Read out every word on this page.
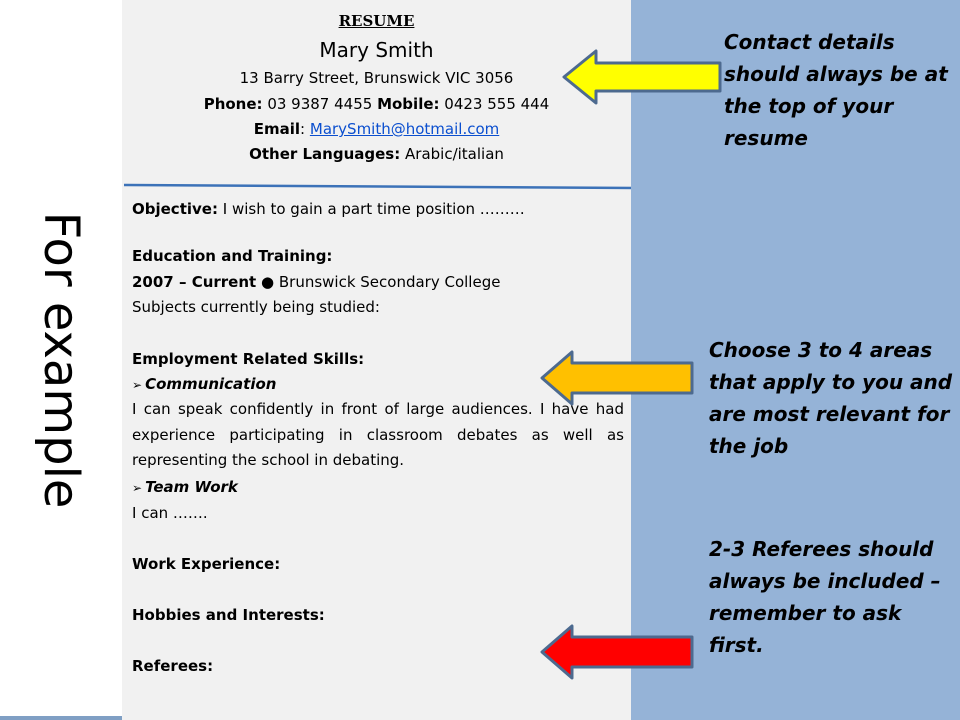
For example
RESUME
Mary Smith
13 Barry Street, Brunswick VIC 3056
Phone: 03 9387 4455 Mobile: 0423 555 444
Email: MarySmith@hotmail.com
Other Languages: Arabic/italian
Objective: I wish to gain a part time position ………
Education and Training:
2007 – Current ● Brunswick Secondary College
Subjects currently being studied:
Employment Related Skills:
➢ Communication
I can speak confidently in front of large audiences. I have had experience participating in classroom debates as well as representing the school in debating.
➢ Team Work
I can …….
Work Experience:
Hobbies and Interests:
Referees:
Contact details should always be at the top of your resume
Choose 3 to 4 areas that apply to you and are most relevant for the job
2-3 Referees should always be included – remember to ask first.
